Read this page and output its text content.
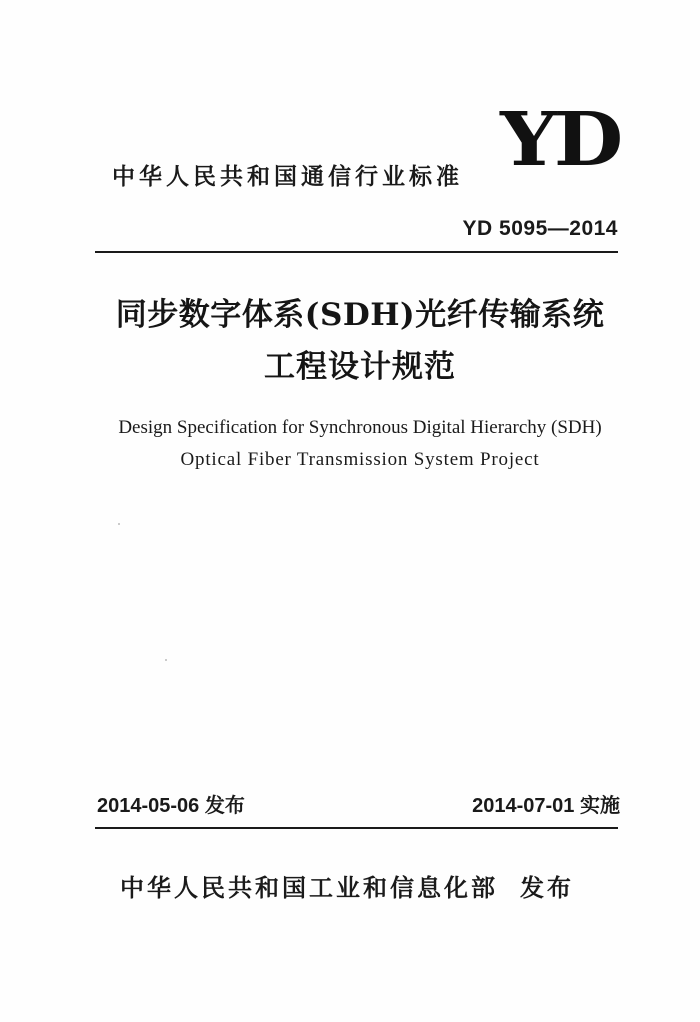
YD
中华人民共和国通信行业标准
YD 5095—2014
同步数字体系(SDH)光纤传输系统
工程设计规范
Design Specification for Synchronous Digital Hierarchy (SDH)
Optical Fiber Transmission System Project
2014-05-06 发布	2014-07-01 实施
中华人民共和国工业和信息化部 发布
